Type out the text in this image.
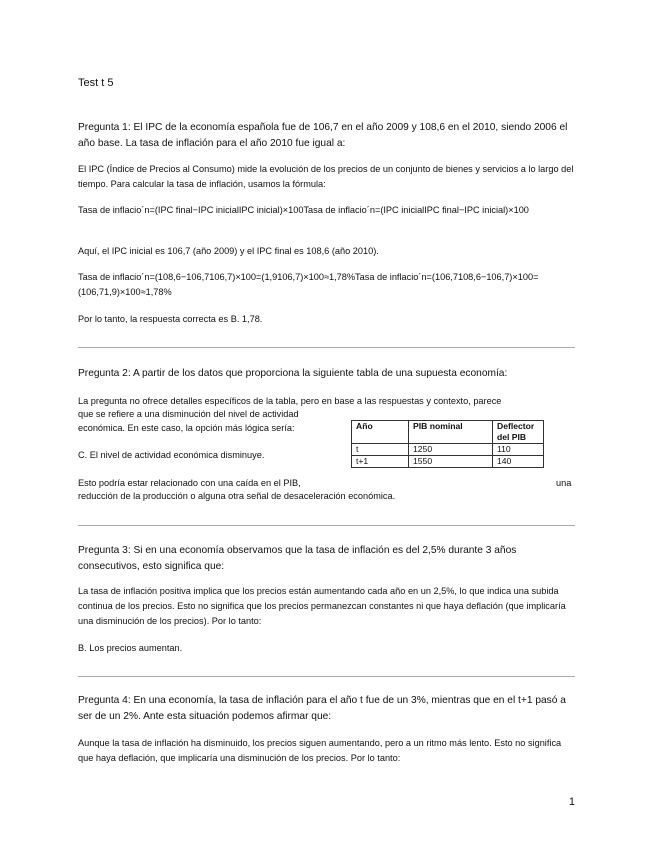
Test t 5

Pregunta 1: El IPC de la economía española fue de 106,7 en el año 2009 y 108,6 en el 2010, siendo 2006 el año base. La tasa de inflación para el año 2010 fue igual a:

El IPC (Índice de Precios al Consumo) mide la evolución de los precios de un conjunto de bienes y servicios a lo largo del tiempo. Para calcular la tasa de inflación, usamos la fórmula:

Tasa de inflacio´n=(IPC final−IPC inicialIPC inicial)×100Tasa de inflacio´n=(IPC inicialIPC final−IPC inicial)×100

Aquí, el IPC inicial es 106,7 (año 2009) y el IPC final es 108,6 (año 2010).

Tasa de inflacio´n=(108,6−106,7106,7)×100=(1,9106,7)×100≈1,78%Tasa de inflacio´n=(106,7108,6−106,7)×100=(106,71,9)×100≈1,78%

Por lo tanto, la respuesta correcta es B. 1,78.

Pregunta 2: A partir de los datos que proporciona la siguiente tabla de una supuesta economía:

La pregunta no ofrece detalles específicos de la tabla, pero en base a las respuestas y contexto, parece

que se refiere a una disminución del nivel de actividad

económica. En este caso, la opción más lógica sería:

C. El nivel de actividad económica disminuye.

Año	PIB nominal	Deflector del PIB
t	1250	110
t+1	1550	140

Esto podría estar relacionado con una caída en el PIB,	una

reducción de la producción o alguna otra señal de desaceleración económica.

Pregunta 3: Si en una economía observamos que la tasa de inflación es del 2,5% durante 3 años consecutivos, esto significa que:

La tasa de inflación positiva implica que los precios están aumentando cada año en un 2,5%, lo que indica una subida continua de los precios. Esto no significa que los precios permanezcan constantes ni que haya deflación (que implicaría una disminución de los precios). Por lo tanto:

B. Los precios aumentan.

Pregunta 4: En una economía, la tasa de inflación para el año t fue de un 3%, mientras que en el t+1 pasó a ser de un 2%. Ante esta situación podemos afirmar que:

Aunque la tasa de inflación ha disminuido, los precios siguen aumentando, pero a un ritmo más lento. Esto no significa que haya deflación, que implicaría una disminución de los precios. Por lo tanto:

1
